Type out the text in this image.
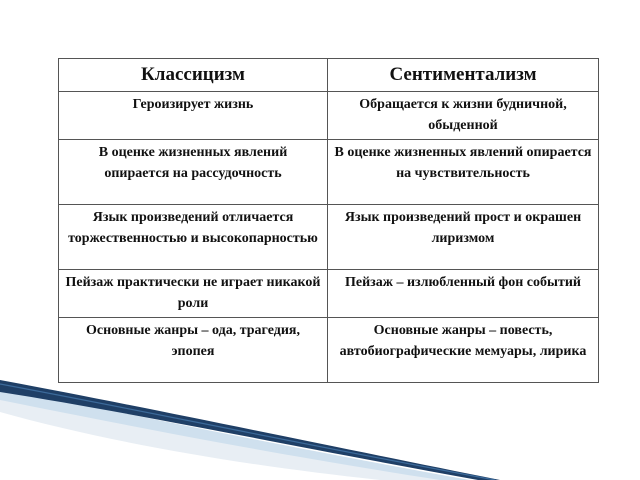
Классицизм	Сентиментализм

Героизирует жизнь	Обращается к жизни будничной, обыденной

В оценке жизненных явлений опирается на рассудочность	В оценке жизненных явлений опирается на чувствительность

Язык произведений отличается торжественностью и высокопарностью	Язык произведений прост и окрашен лиризмом

Пейзаж практически не играет никакой роли	Пейзаж – излюбленный фон событий

Основные жанры – ода, трагедия, эпопея	Основные жанры – повесть, автобиографические мемуары, лирика
